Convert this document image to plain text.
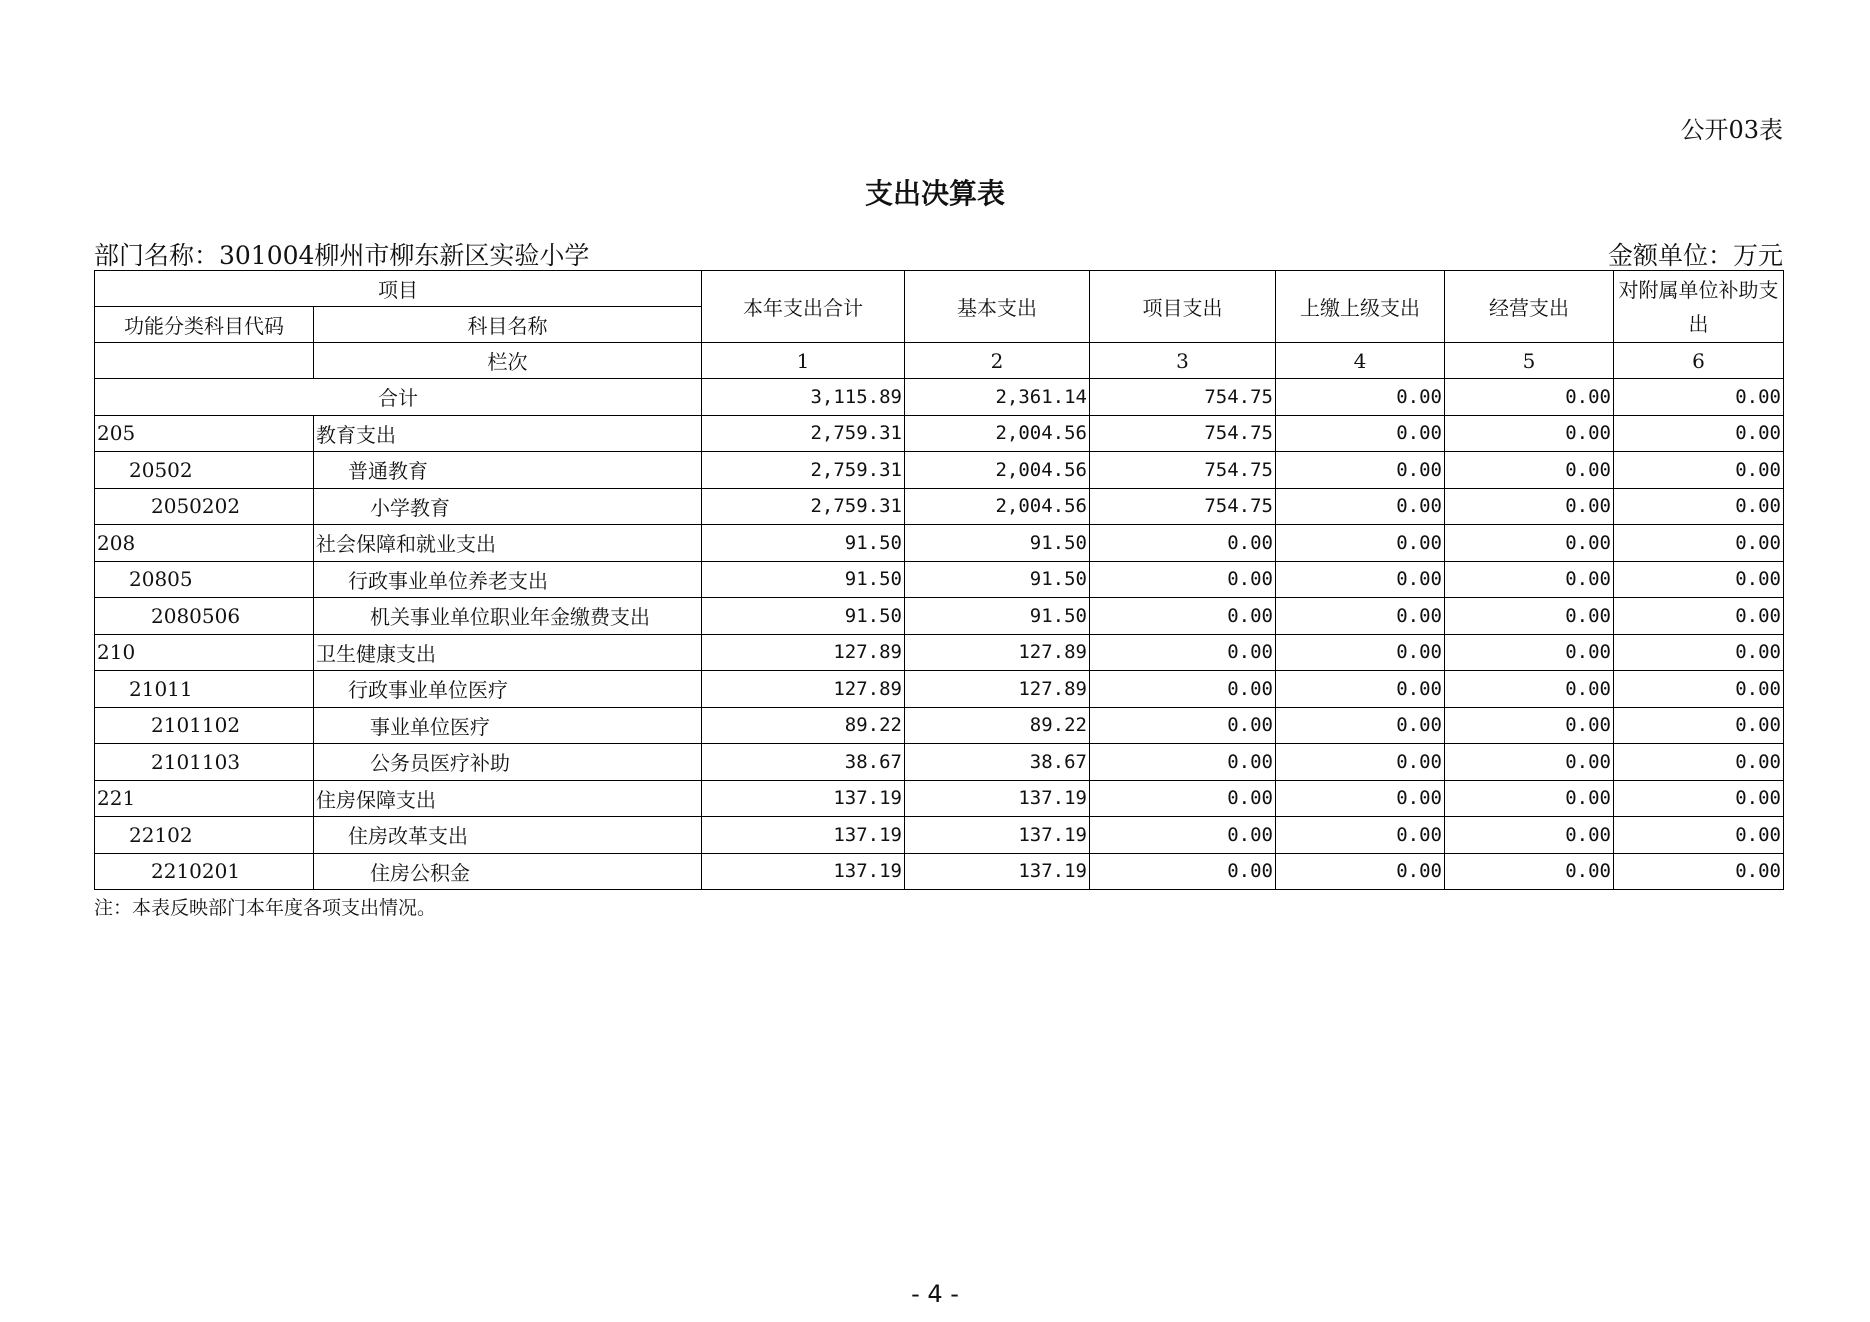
公开03表
支出决算表
部门名称：301004柳州市柳东新区实验小学	金额单位：万元
项目		本年支出合计	基本支出	项目支出	上缴上级支出	经营支出	对附属单位补助支出
功能分类科目代码	科目名称						
	栏次	1	2	3	4	5	6
合计		3,115.89	2,361.14	754.75	0.00	0.00	0.00
205	教育支出	2,759.31	2,004.56	754.75	0.00	0.00	0.00
20502	普通教育	2,759.31	2,004.56	754.75	0.00	0.00	0.00
2050202	小学教育	2,759.31	2,004.56	754.75	0.00	0.00	0.00
208	社会保障和就业支出	91.50	91.50	0.00	0.00	0.00	0.00
20805	行政事业单位养老支出	91.50	91.50	0.00	0.00	0.00	0.00
2080506	机关事业单位职业年金缴费支出	91.50	91.50	0.00	0.00	0.00	0.00
210	卫生健康支出	127.89	127.89	0.00	0.00	0.00	0.00
21011	行政事业单位医疗	127.89	127.89	0.00	0.00	0.00	0.00
2101102	事业单位医疗	89.22	89.22	0.00	0.00	0.00	0.00
2101103	公务员医疗补助	38.67	38.67	0.00	0.00	0.00	0.00
221	住房保障支出	137.19	137.19	0.00	0.00	0.00	0.00
22102	住房改革支出	137.19	137.19	0.00	0.00	0.00	0.00
2210201	住房公积金	137.19	137.19	0.00	0.00	0.00	0.00
注：本表反映部门本年度各项支出情况。
- 4 -
